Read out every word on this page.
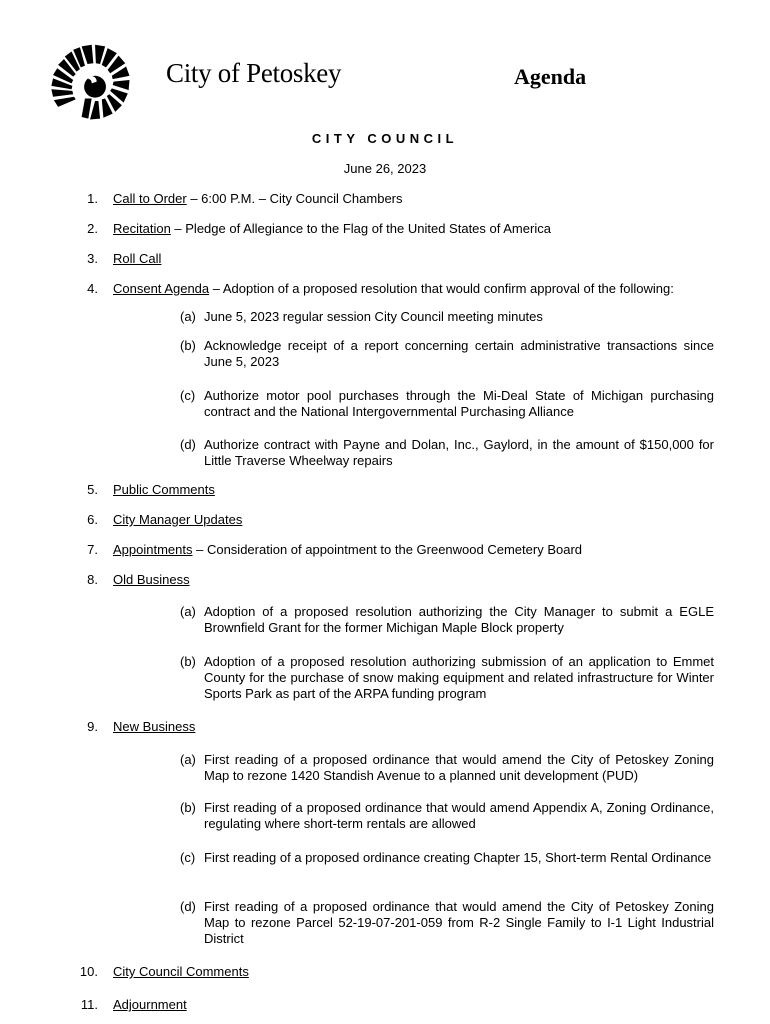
City of Petoskey	Agenda
CITY COUNCIL
June 26, 2023
1. Call to Order – 6:00 P.M. – City Council Chambers
2. Recitation – Pledge of Allegiance to the Flag of the United States of America
3. Roll Call
4. Consent Agenda – Adoption of a proposed resolution that would confirm approval of the following:
(a) June 5, 2023 regular session City Council meeting minutes
(b) Acknowledge receipt of a report concerning certain administrative transactions since June 5, 2023
(c) Authorize motor pool purchases through the Mi-Deal State of Michigan purchasing contract and the National Intergovernmental Purchasing Alliance
(d) Authorize contract with Payne and Dolan, Inc., Gaylord, in the amount of $150,000 for Little Traverse Wheelway repairs
5. Public Comments
6. City Manager Updates
7. Appointments – Consideration of appointment to the Greenwood Cemetery Board
8. Old Business
(a) Adoption of a proposed resolution authorizing the City Manager to submit a EGLE Brownfield Grant for the former Michigan Maple Block property
(b) Adoption of a proposed resolution authorizing submission of an application to Emmet County for the purchase of snow making equipment and related infrastructure for Winter Sports Park as part of the ARPA funding program
9. New Business
(a) First reading of a proposed ordinance that would amend the City of Petoskey Zoning Map to rezone 1420 Standish Avenue to a planned unit development (PUD)
(b) First reading of a proposed ordinance that would amend Appendix A, Zoning Ordinance, regulating where short-term rentals are allowed
(c) First reading of a proposed ordinance creating Chapter 15, Short-term Rental Ordinance
(d) First reading of a proposed ordinance that would amend the City of Petoskey Zoning Map to rezone Parcel 52-19-07-201-059 from R-2 Single Family to I-1 Light Industrial District
10. City Council Comments
11. Adjournment
